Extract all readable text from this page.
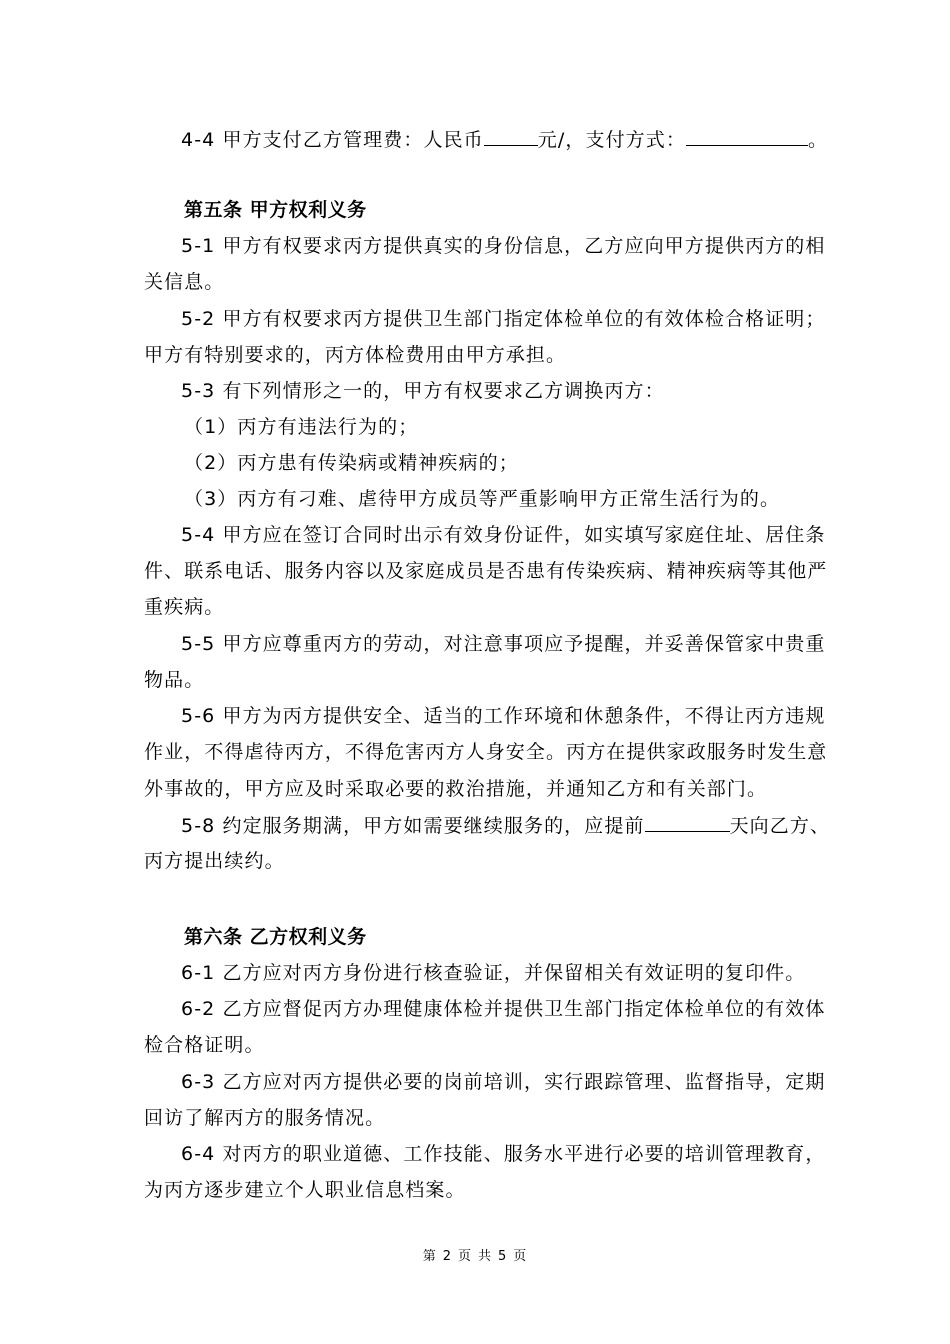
4-4 甲方支付乙方管理费：人民币	元/，支付方式：	。
第五条 甲方权利义务
5-1 甲方有权要求丙方提供真实的身份信息，乙方应向甲方提供丙方的相
关信息。
5-2 甲方有权要求丙方提供卫生部门指定体检单位的有效体检合格证明；
甲方有特别要求的，丙方体检费用由甲方承担。
5-3 有下列情形之一的，甲方有权要求乙方调换丙方：
（1）丙方有违法行为的；
（2）丙方患有传染病或精神疾病的；
（3）丙方有刁难、虐待甲方成员等严重影响甲方正常生活行为的。
5-4 甲方应在签订合同时出示有效身份证件，如实填写家庭住址、居住条
件、联系电话、服务内容以及家庭成员是否患有传染疾病、精神疾病等其他严
重疾病。
5-5 甲方应尊重丙方的劳动，对注意事项应予提醒，并妥善保管家中贵重
物品。
5-6 甲方为丙方提供安全、适当的工作环境和休憩条件，不得让丙方违规
作业，不得虐待丙方，不得危害丙方人身安全。丙方在提供家政服务时发生意
外事故的，甲方应及时采取必要的救治措施，并通知乙方和有关部门。
5-8 约定服务期满，甲方如需要继续服务的，应提前	天向乙方、
丙方提出续约。
第六条 乙方权利义务
6-1 乙方应对丙方身份进行核查验证，并保留相关有效证明的复印件。
6-2 乙方应督促丙方办理健康体检并提供卫生部门指定体检单位的有效体
检合格证明。
6-3 乙方应对丙方提供必要的岗前培训，实行跟踪管理、监督指导，定期
回访了解丙方的服务情况。
6-4 对丙方的职业道德、工作技能、服务水平进行必要的培训管理教育，
为丙方逐步建立个人职业信息档案。
第 2 页 共 5 页
